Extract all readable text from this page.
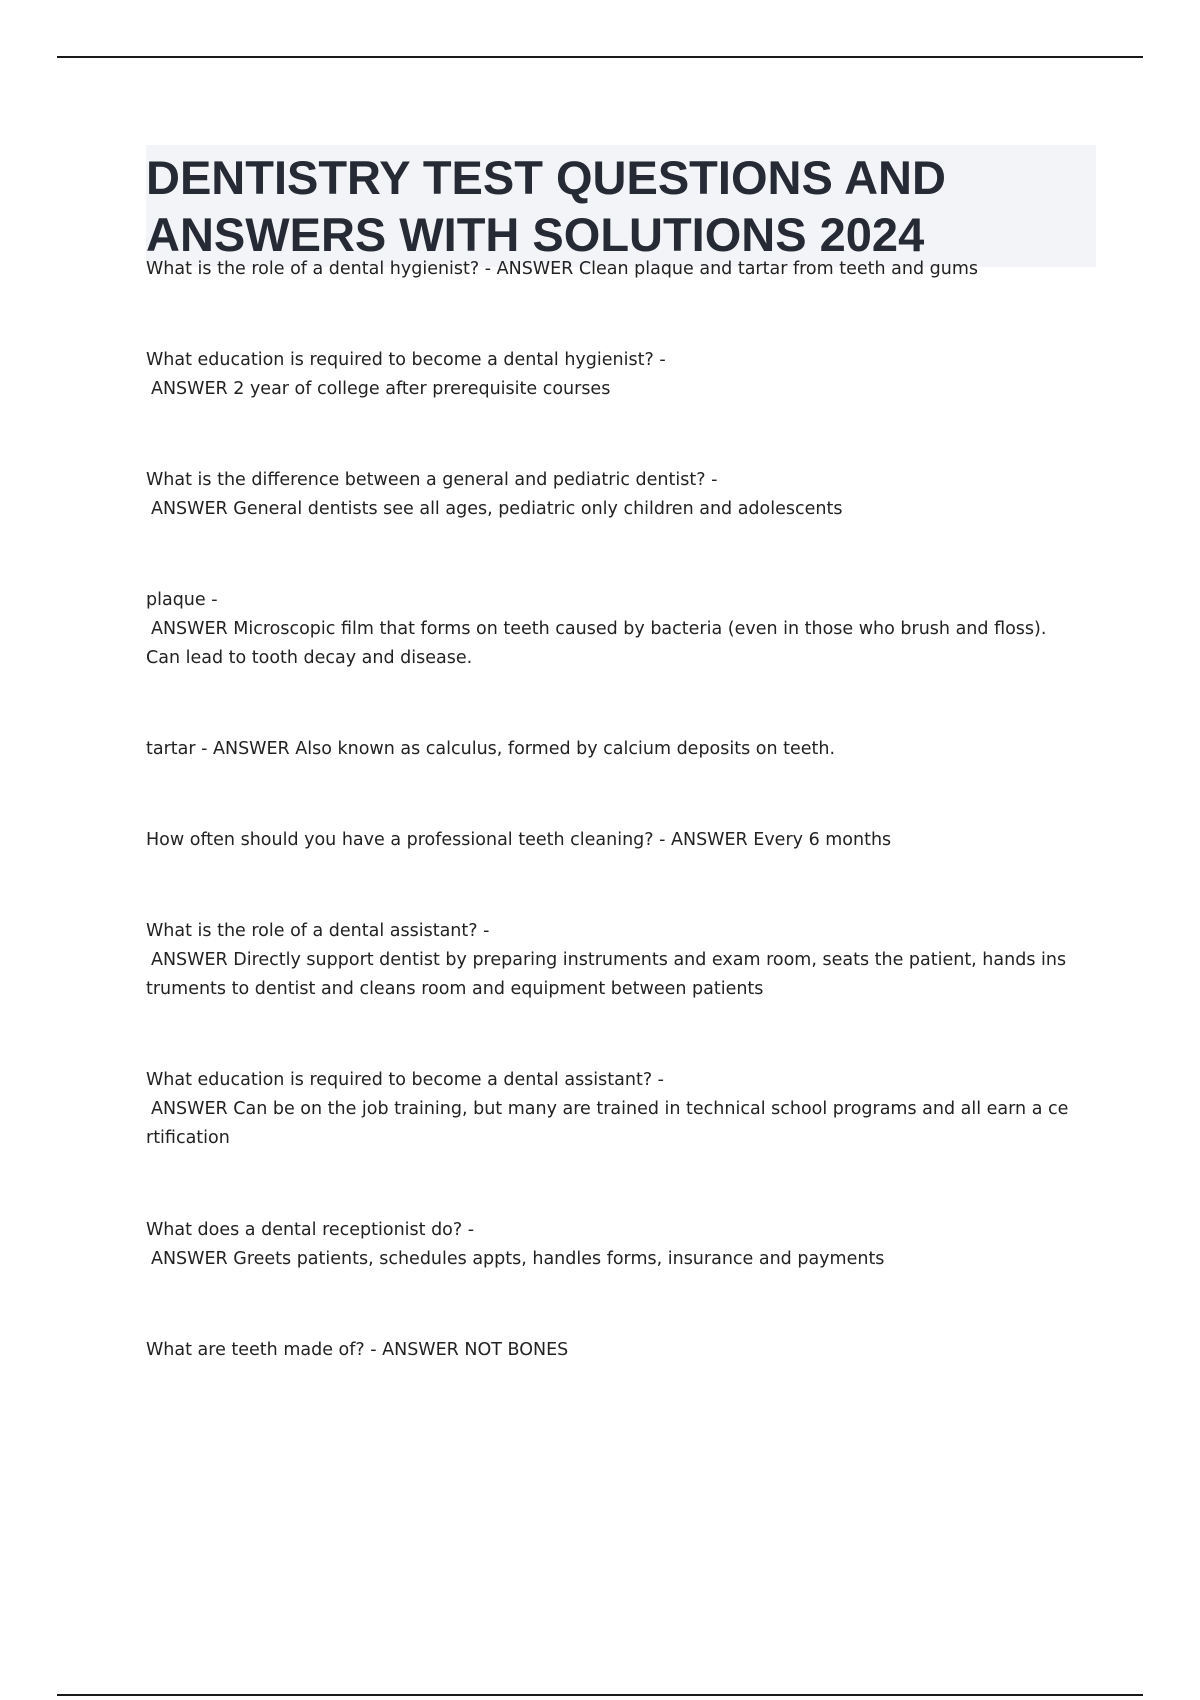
DENTISTRY TEST QUESTIONS AND
ANSWERS WITH SOLUTIONS 2024
What is the role of a dental hygienist? - ANSWER Clean plaque and tartar from teeth and gums
What education is required to become a dental hygienist? -
ANSWER 2 year of college after prerequisite courses
What is the difference between a general and pediatric dentist? -
ANSWER General dentists see all ages, pediatric only children and adolescents
plaque -
ANSWER Microscopic film that forms on teeth caused by bacteria (even in those who brush and floss).
Can lead to tooth decay and disease.
tartar - ANSWER Also known as calculus, formed by calcium deposits on teeth.
How often should you have a professional teeth cleaning? - ANSWER Every 6 months
What is the role of a dental assistant? -
ANSWER Directly support dentist by preparing instruments and exam room, seats the patient, hands ins
truments to dentist and cleans room and equipment between patients
What education is required to become a dental assistant? -
ANSWER Can be on the job training, but many are trained in technical school programs and all earn a ce
rtification
What does a dental receptionist do? -
ANSWER Greets patients, schedules appts, handles forms, insurance and payments
What are teeth made of? - ANSWER NOT BONES
